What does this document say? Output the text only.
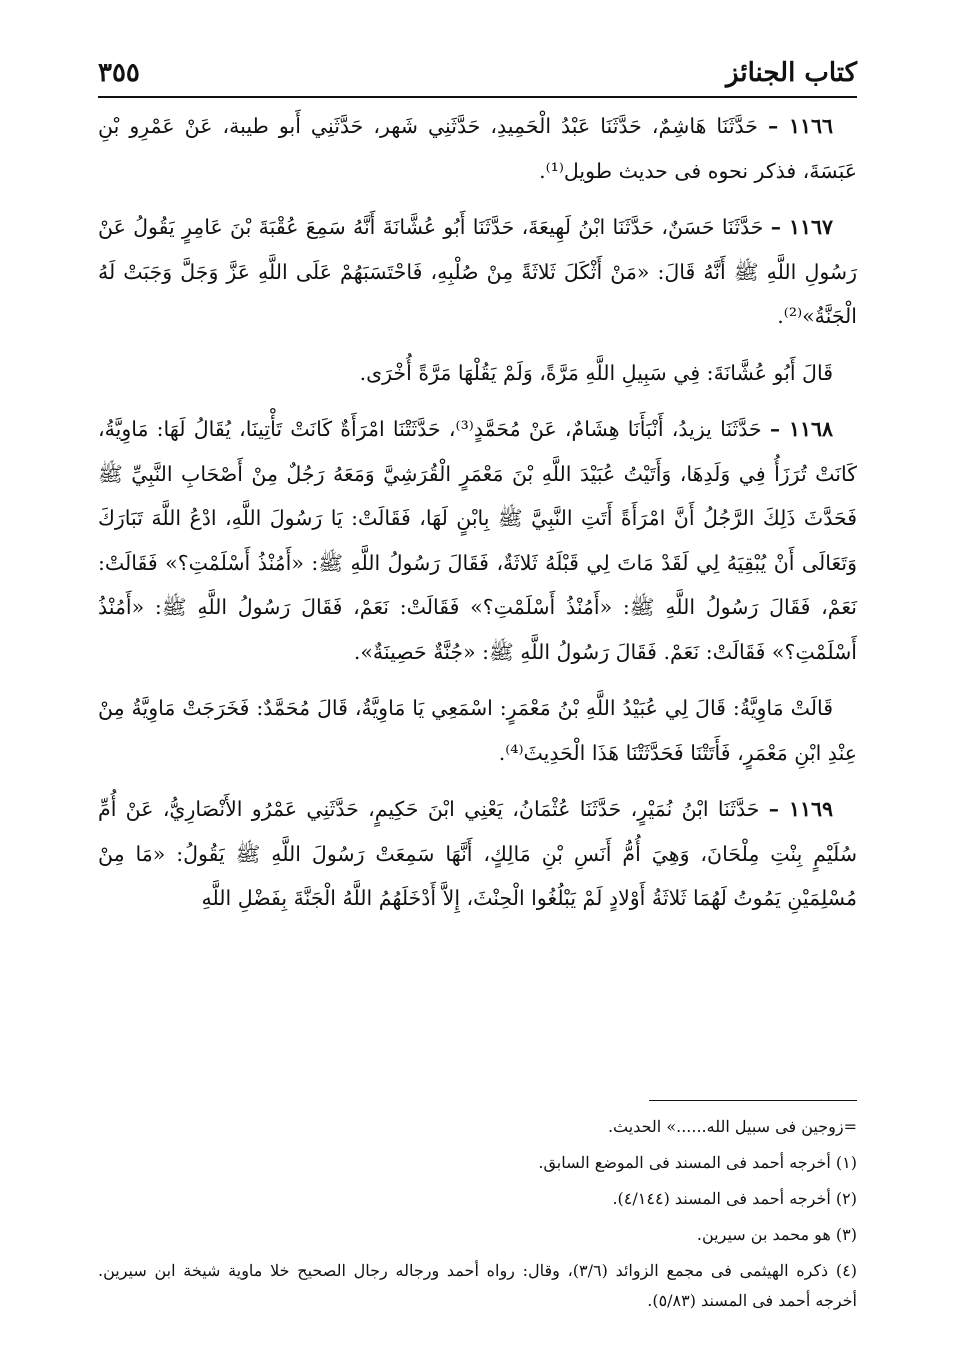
كتاب الجنائز
٣٥٥

١١٦٦ – حَدَّثَنَا هَاشِمٌ، حَدَّثَنَا عَبْدُ الْحَمِيدِ، حَدَّثَنِي شَهر، حَدَّثَنِي أَبو طيبة، عَنْ عَمْرِو بْنِ عَبَسَةَ، فذكر نحوه فى حديث طويل⁽¹⁾.

١١٦٧ – حَدَّثَنَا حَسَنٌ، حَدَّثَنَا ابْنُ لَهِيعَةَ، حَدَّثَنَا أَبُو عُشَّانَةَ أَنَّهُ سَمِعَ عُقْبَةَ بْنَ عَامِرٍ يَقُولُ عَنْ رَسُولِ اللَّهِ ﷺ أَنَّهُ قَالَ: «مَنْ أَثْكَلَ ثَلاثَةً مِنْ صُلْبِهِ، فَاحْتَسَبَهُمْ عَلَى اللَّهِ عَزَّ وَجَلَّ وَجَبَتْ لَهُ الْجَنَّةُ»⁽²⁾.

قَالَ أَبُو عُشَّانَةَ: فِي سَبِيلِ اللَّهِ مَرَّةً، وَلَمْ يَقُلْهَا مَرَّةً أُخْرَى.

١١٦٨ – حَدَّثَنَا يزيدُ، أَنْبَأَنَا هِشَامٌ، عَنْ مُحَمَّدٍ⁽³⁾، حَدَّثَتْنَا امْرَأَةٌ كَانَتْ تَأْتِينَا، يُقَالُ لَهَا: مَاوِيَّةُ، كَانَتْ تُرَزَأُ فِي وَلَدِهَا، وَأَتَيْتُ عُبَيْدَ اللَّهِ بْنَ مَعْمَرٍ الْقُرَشِيَّ وَمَعَهُ رَجُلٌ مِنْ أَصْحَابِ النَّبِيِّ ﷺ فَحَدَّثَ ذَلِكَ الرَّجُلُ أَنَّ امْرَأَةً أَتَتِ النَّبِيَّ ﷺ بِابْنٍ لَهَا، فَقَالَتْ: يَا رَسُولَ اللَّهِ، ادْعُ اللَّهَ تَبَارَكَ وَتَعَالَى أَنْ يُبْقِيَهُ لِي لَقَدْ مَاتَ لِي قَبْلَهُ ثَلاثَةٌ، فَقَالَ رَسُولُ اللَّهِ ﷺ: «أَمُنْذُ أَسْلَمْتِ؟» فَقَالَتْ: نَعَمْ، فَقَالَ رَسُولُ اللَّهِ ﷺ: «أَمُنْذُ أَسْلَمْتِ؟» فَقَالَتْ: نَعَمْ، فَقَالَ رَسُولُ اللَّهِ ﷺ: «أَمُنْذُ أَسْلَمْتِ؟» فَقَالَتْ: نَعَمْ. فَقَالَ رَسُولُ اللَّهِ ﷺ: «جُنَّةٌ حَصِينَةٌ».

قَالَتْ مَاوِيَّةُ: قَالَ لِي عُبَيْدُ اللَّهِ بْنُ مَعْمَرٍ: اسْمَعِي يَا مَاوِيَّةُ، قَالَ مُحَمَّدٌ: فَخَرَجَتْ مَاوِيَّةُ مِنْ عِنْدِ ابْنِ مَعْمَرٍ، فَأَتَتْنَا فَحَدَّثَتْنَا هَذَا الْحَدِيثَ⁽⁴⁾.

١١٦٩ – حَدَّثَنَا ابْنُ نُمَيْرٍ، حَدَّثَنَا عُثْمَانُ، يَعْنِي ابْنَ حَكِيمٍ، حَدَّثَنِي عَمْرُو الأَنْصَارِيُّ، عَنْ أُمِّ سُلَيْمٍ بِنْتِ مِلْحَانَ، وَهِيَ أُمُّ أَنَسِ بْنِ مَالِكٍ، أَنَّهَا سَمِعَتْ رَسُولَ اللَّهِ ﷺ يَقُولُ: «مَا مِنْ مُسْلِمَيْنِ يَمُوتُ لَهُمَا ثَلاثَةُ أَوْلادٍ لَمْ يَبْلُغُوا الْحِنْثَ، إِلاَّ أَدْخَلَهُمُ اللَّهُ الْجَنَّةَ بِفَضْلِ اللَّهِ

=زوجين فى سبيل الله......» الحديث.

(١) أخرجه أحمد فى المسند فى الموضع السابق.

(٢) أخرجه أحمد فى المسند (٤/١٤٤).

(٣) هو محمد بن سيرين.

(٤) ذكره الهيثمى فى مجمع الزوائد (٣/٦)، وقال: رواه أحمد ورجاله رجال الصحيح خلا ماوية شيخة ابن سيرين. أخرجه أحمد فى المسند (٥/٨٣).
